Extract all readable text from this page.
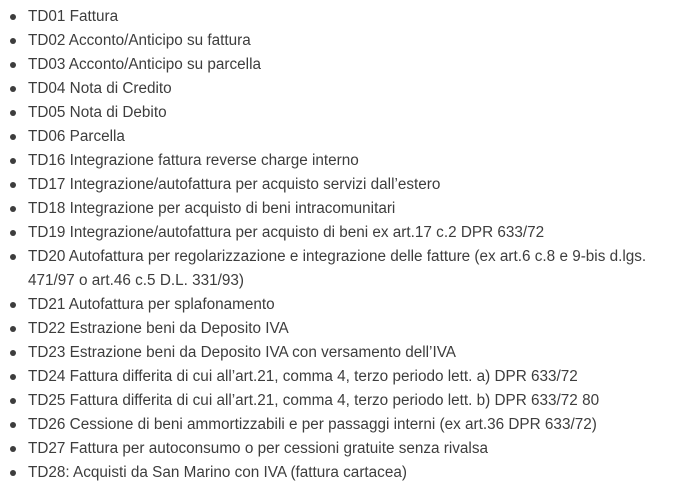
TD01 Fattura
TD02 Acconto/Anticipo su fattura
TD03 Acconto/Anticipo su parcella
TD04 Nota di Credito
TD05 Nota di Debito
TD06 Parcella
TD16 Integrazione fattura reverse charge interno
TD17 Integrazione/autofattura per acquisto servizi dall’estero
TD18 Integrazione per acquisto di beni intracomunitari
TD19 Integrazione/autofattura per acquisto di beni ex art.17 c.2 DPR 633/72
TD20 Autofattura per regolarizzazione e integrazione delle fatture (ex art.6 c.8 e 9-bis d.lgs. 471/97 o art.46 c.5 D.L. 331/93)
TD21 Autofattura per splafonamento
TD22 Estrazione beni da Deposito IVA
TD23 Estrazione beni da Deposito IVA con versamento dell’IVA
TD24 Fattura differita di cui all’art.21, comma 4, terzo periodo lett. a) DPR 633/72
TD25 Fattura differita di cui all’art.21, comma 4, terzo periodo lett. b) DPR 633/72 80
TD26 Cessione di beni ammortizzabili e per passaggi interni (ex art.36 DPR 633/72)
TD27 Fattura per autoconsumo o per cessioni gratuite senza rivalsa
TD28: Acquisti da San Marino con IVA (fattura cartacea)
